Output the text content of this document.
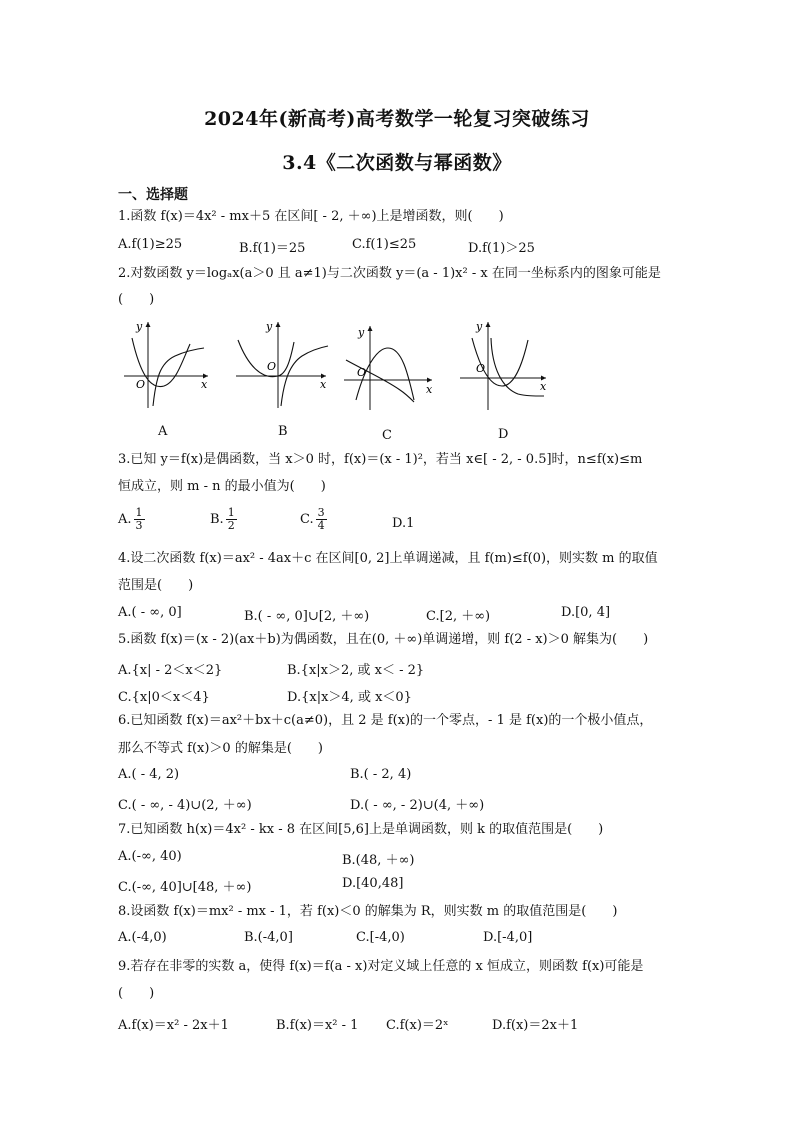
2024年(新高考)高考数学一轮复习突破练习
3.4《二次函数与幂函数》
一、选择题
1.函数 f(x)＝4x² - mx＋5 在区间[ - 2, ＋∞)上是增函数，则(　　)
A.f(1)≥25	B.f(1)＝25	C.f(1)≤25	D.f(1)＞25
2.对数函数 y＝logₐx(a＞0 且 a≠1)与二次函数 y＝(a - 1)x² - x 在同一坐标系内的图象可能是
(　　)
y
x
O
A
y
x
O
B
y
x
O
C
y
x
O
D
3.已知 y＝f(x)是偶函数，当 x＞0 时，f(x)＝(x - 1)²，若当 x∈[ - 2, - 0.5]时，n≤f(x)≤m
恒成立，则 m - n 的最小值为(　　)
A. $\frac{1}{3}$	B. $\frac{1}{2}$	C. $\frac{3}{4}$	D.1
4.设二次函数 f(x)＝ax² - 4ax＋c 在区间[0, 2]上单调递减，且 f(m)≤f(0)，则实数 m 的取值
范围是(　　)
A.( - ∞, 0]	B.( - ∞, 0]∪[2, ＋∞)	C.[2, ＋∞)	D.[0, 4]
5.函数 f(x)＝(x - 2)(ax＋b)为偶函数，且在(0, ＋∞)单调递增，则 f(2 - x)＞0 解集为(　　)
A.{x| - 2＜x＜2}	B.{x|x＞2, 或 x＜ - 2}
C.{x|0＜x＜4}	D.{x|x＞4, 或 x＜0}
6.已知函数 f(x)＝ax²＋bx＋c(a≠0)，且 2 是 f(x)的一个零点，- 1 是 f(x)的一个极小值点，
那么不等式 f(x)＞0 的解集是(　　)
A.( - 4, 2)	B.( - 2, 4)
C.( - ∞, - 4)∪(2, ＋∞)	D.( - ∞, - 2)∪(4, ＋∞)
7.已知函数 h(x)＝4x² - kx - 8 在区间[5,6]上是单调函数，则 k 的取值范围是(　　)
A.(-∞, 40)	B.(48, ＋∞)
C.(-∞, 40]∪[48, ＋∞)	D.[40,48]
8.设函数 f(x)＝mx² - mx - 1，若 f(x)＜0 的解集为 R，则实数 m 的取值范围是(　　)
A.(-4,0)	B.(-4,0]	C.[-4,0)	D.[-4,0]
9.若存在非零的实数 a，使得 f(x)＝f(a - x)对定义域上任意的 x 恒成立，则函数 f(x)可能是
(　　)
A.f(x)＝x² - 2x＋1	B.f(x)＝x² - 1 C.f(x)＝2ˣ	D.f(x)＝2x＋1
